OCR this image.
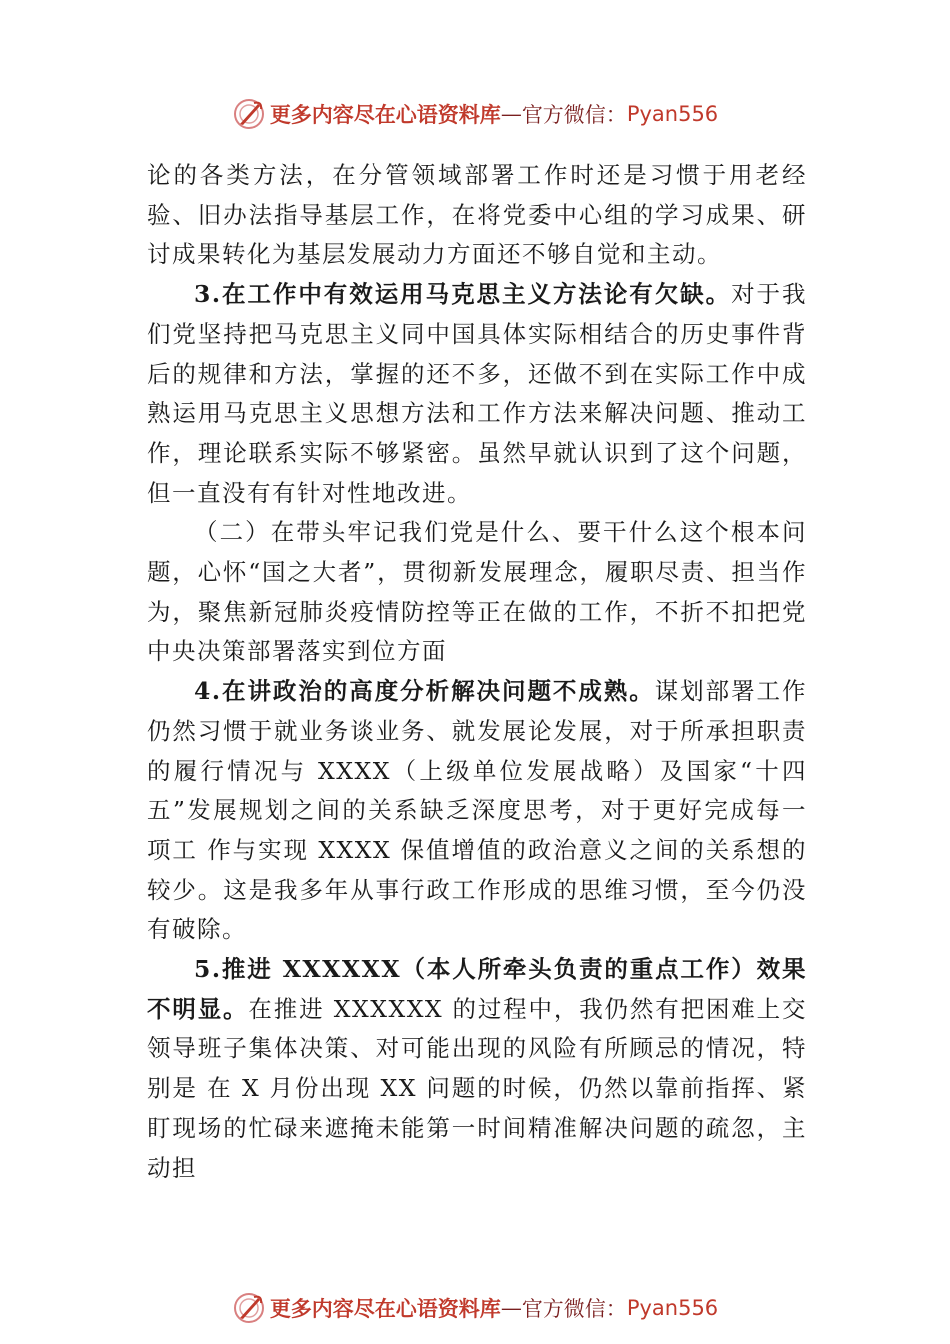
更多内容尽在心语资料库 — 官方微信： Pyan556

论的各类方法，在分管领域部署工作时还是习惯于用老经验、旧办法指导基层工作，在将党委中心组的学习成果、研讨成果转化为基层发展动力方面还不够自觉和主动。

3.在工作中有效运用马克思主义方法论有欠缺。对于我们党坚持把马克思主义同中国具体实际相结合的历史事件背后的规律和方法，掌握的还不多，还做不到在实际工作中成熟运用马克思主义思想方法和工作方法来解决问题、推动工作，理论联系实际不够紧密。虽然早就认识到了这个问题，但一直没有有针对性地改进。

（二）在带头牢记我们党是什么、要干什么这个根本问题，心怀“国之大者”，贯彻新发展理念，履职尽责、担当作为，聚焦新冠肺炎疫情防控等正在做的工作，不折不扣把党中央决策部署落实到位方面

4.在讲政治的高度分析解决问题不成熟。谋划部署工作仍然习惯于就业务谈业务、就发展论发展，对于所承担职责的履行情况与 XXXX（上级单位发展战略）及国家“十四五”发展规划之间的关系缺乏深度思考，对于更好完成每一项工 作与实现 XXXX 保值增值的政治意义之间的关系想的较少。这是我多年从事行政工作形成的思维习惯，至今仍没有破除。

5.推进 XXXXXX（本人所牵头负责的重点工作）效果不明显。在推进 XXXXXX 的过程中，我仍然有把困难上交领导班子集体决策、对可能出现的风险有所顾忌的情况，特别是 在 X 月份出现 XX 问题的时候，仍然以靠前指挥、紧盯现场的忙碌来遮掩未能第一时间精准解决问题的疏忽，主动担

更多内容尽在心语资料库 — 官方微信： Pyan556
